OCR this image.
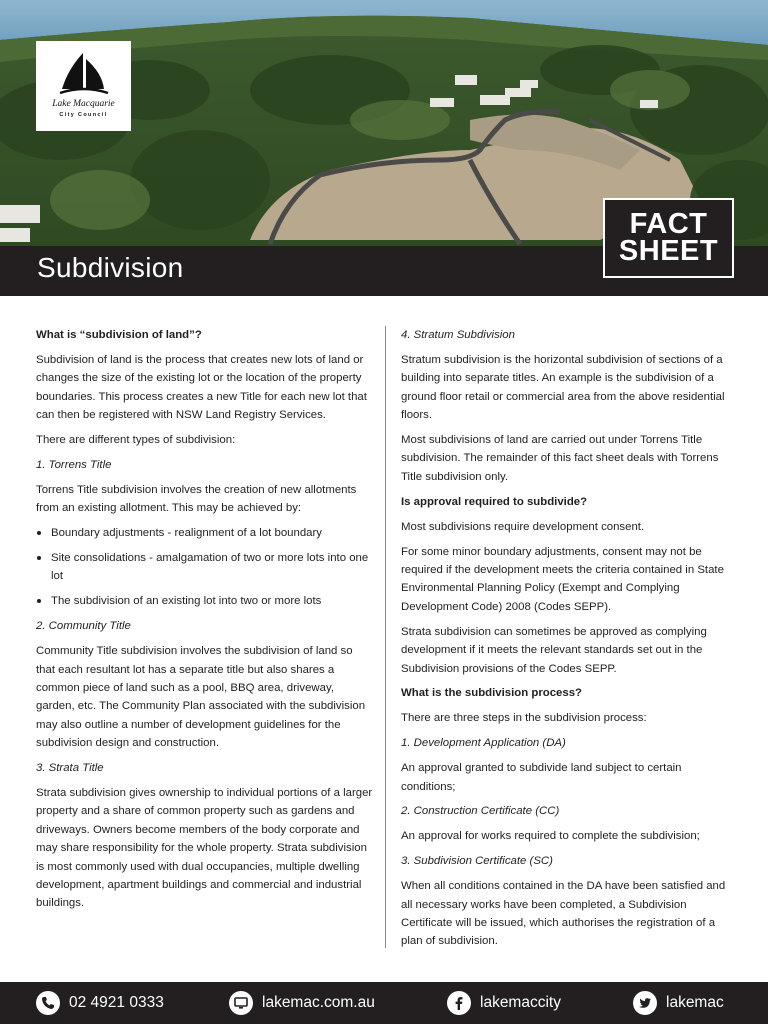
Lake Macquarie
City Council
FACT
SHEET
Subdivision

What is “subdivision of land”?

Subdivision of land is the process that creates new lots of land or changes the size of the existing lot or the location of the property boundaries. This process creates a new Title for each new lot that can then be registered with NSW Land Registry Services.

There are different types of subdivision:

1. Torrens Title

Torrens Title subdivision involves the creation of new allotments from an existing allotment. This may be achieved by:

Boundary adjustments - realignment of a lot boundary
Site consolidations - amalgamation of two or more lots into one lot
The subdivision of an existing lot into two or more lots

2. Community Title

Community Title subdivision involves the subdivision of land so that each resultant lot has a separate title but also shares a common piece of land such as a pool, BBQ area, driveway, garden, etc. The Community Plan associated with the subdivision may also outline a number of development guidelines for the subdivision design and construction.

3. Strata Title

Strata subdivision gives ownership to individual portions of a larger property and a share of common property such as gardens and driveways. Owners become members of the body corporate and may share responsibility for the whole property. Strata subdivision is most commonly used with dual occupancies, multiple dwelling development, apartment buildings and commercial and industrial buildings.

4. Stratum Subdivision

Stratum subdivision is the horizontal subdivision of sections of a building into separate titles. An example is the subdivision of a ground floor retail or commercial area from the above residential floors.

Most subdivisions of land are carried out under Torrens Title subdivision. The remainder of this fact sheet deals with Torrens Title subdivision only.

Is approval required to subdivide?

Most subdivisions require development consent.

For some minor boundary adjustments, consent may not be required if the development meets the criteria contained in State Environmental Planning Policy (Exempt and Complying Development Code) 2008 (Codes SEPP).

Strata subdivision can sometimes be approved as complying development if it meets the relevant standards set out in the Subdivision provisions of the Codes SEPP.

What is the subdivision process?

There are three steps in the subdivision process:

1. Development Application (DA)

An approval granted to subdivide land subject to certain conditions;

2. Construction Certificate (CC)

An approval for works required to complete the subdivision;

3. Subdivision Certificate (SC)

When all conditions contained in the DA have been satisfied and all necessary works have been completed, a Subdivision Certificate will be issued, which authorises the registration of a plan of subdivision.

02 4921 0333	lakemac.com.au	lakemaccity	lakemac
